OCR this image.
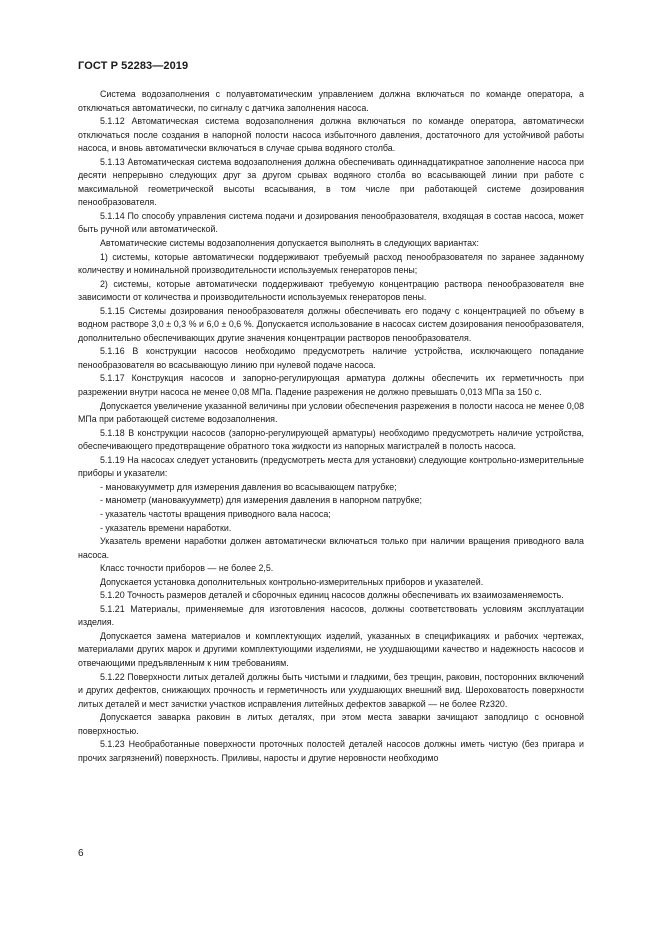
ГОСТ Р 52283—2019

Система водозаполнения с полуавтоматическим управлением должна включаться по команде оператора, а отключаться автоматически, по сигналу с датчика заполнения насоса.

5.1.12 Автоматическая система водозаполнения должна включаться по команде оператора, автоматически отключаться после создания в напорной полости насоса избыточного давления, достаточного для устойчивой работы насоса, и вновь автоматически включаться в случае срыва водяного столба.

5.1.13 Автоматическая система водозаполнения должна обеспечивать одиннадцатикратное заполнение насоса при десяти непрерывно следующих друг за другом срывах водяного столба во всасывающей линии при работе с максимальной геометрической высоты всасывания, в том числе при работающей системе дозирования пенообразователя.

5.1.14 По способу управления система подачи и дозирования пенообразователя, входящая в состав насоса, может быть ручной или автоматической.

Автоматические системы водозаполнения допускается выполнять в следующих вариантах:

1) системы, которые автоматически поддерживают требуемый расход пенообразователя по заранее заданному количеству и номинальной производительности используемых генераторов пены;

2) системы, которые автоматически поддерживают требуемую концентрацию раствора пенообразователя вне зависимости от количества и производительности используемых генераторов пены.

5.1.15 Системы дозирования пенообразователя должны обеспечивать его подачу с концентрацией по объему в водном растворе 3,0 ± 0,3 % и 6,0 ± 0,6 %. Допускается использование в насосах систем дозирования пенообразователя, дополнительно обеспечивающих другие значения концентрации растворов пенообразователя.

5.1.16 В конструкции насосов необходимо предусмотреть наличие устройства, исключающего попадание пенообразователя во всасывающую линию при нулевой подаче насоса.

5.1.17 Конструкция насосов и запорно-регулирующая арматура должны обеспечить их герметичность при разрежении внутри насоса не менее 0,08 МПа. Падение разрежения не должно превышать 0,013 МПа за 150 с.

Допускается увеличение указанной величины при условии обеспечения разрежения в полости насоса не менее 0,08 МПа при работающей системе водозаполнения.

5.1.18 В конструкции насосов (запорно-регулирующей арматуры) необходимо предусмотреть наличие устройства, обеспечивающего предотвращение обратного тока жидкости из напорных магистралей в полость насоса.

5.1.19 На насосах следует установить (предусмотреть места для установки) следующие контрольно-измерительные приборы и указатели:

- мановакуумметр для измерения давления во всасывающем патрубке;

- манометр (мановакуумметр) для измерения давления в напорном патрубке;

- указатель частоты вращения приводного вала насоса;

- указатель времени наработки.

Указатель времени наработки должен автоматически включаться только при наличии вращения приводного вала насоса.

Класс точности приборов — не более 2,5.

Допускается установка дополнительных контрольно-измерительных приборов и указателей.

5.1.20 Точность размеров деталей и сборочных единиц насосов должны обеспечивать их взаимозаменяемость.

5.1.21 Материалы, применяемые для изготовления насосов, должны соответствовать условиям эксплуатации изделия.

Допускается замена материалов и комплектующих изделий, указанных в спецификациях и рабочих чертежах, материалами других марок и другими комплектующими изделиями, не ухудшающими качество и надежность насосов и отвечающими предъявленным к ним требованиям.

5.1.22 Поверхности литых деталей должны быть чистыми и гладкими, без трещин, раковин, посторонних включений и других дефектов, снижающих прочность и герметичность или ухудшающих внешний вид. Шероховатость поверхности литых деталей и мест зачистки участков исправления литейных дефектов заваркой — не более Rz320.

Допускается заварка раковин в литых деталях, при этом места заварки зачищают заподлицо с основной поверхностью.

5.1.23 Необработанные поверхности проточных полостей деталей насосов должны иметь чистую (без пригара и прочих загрязнений) поверхность. Приливы, наросты и другие неровности необходимо

6
